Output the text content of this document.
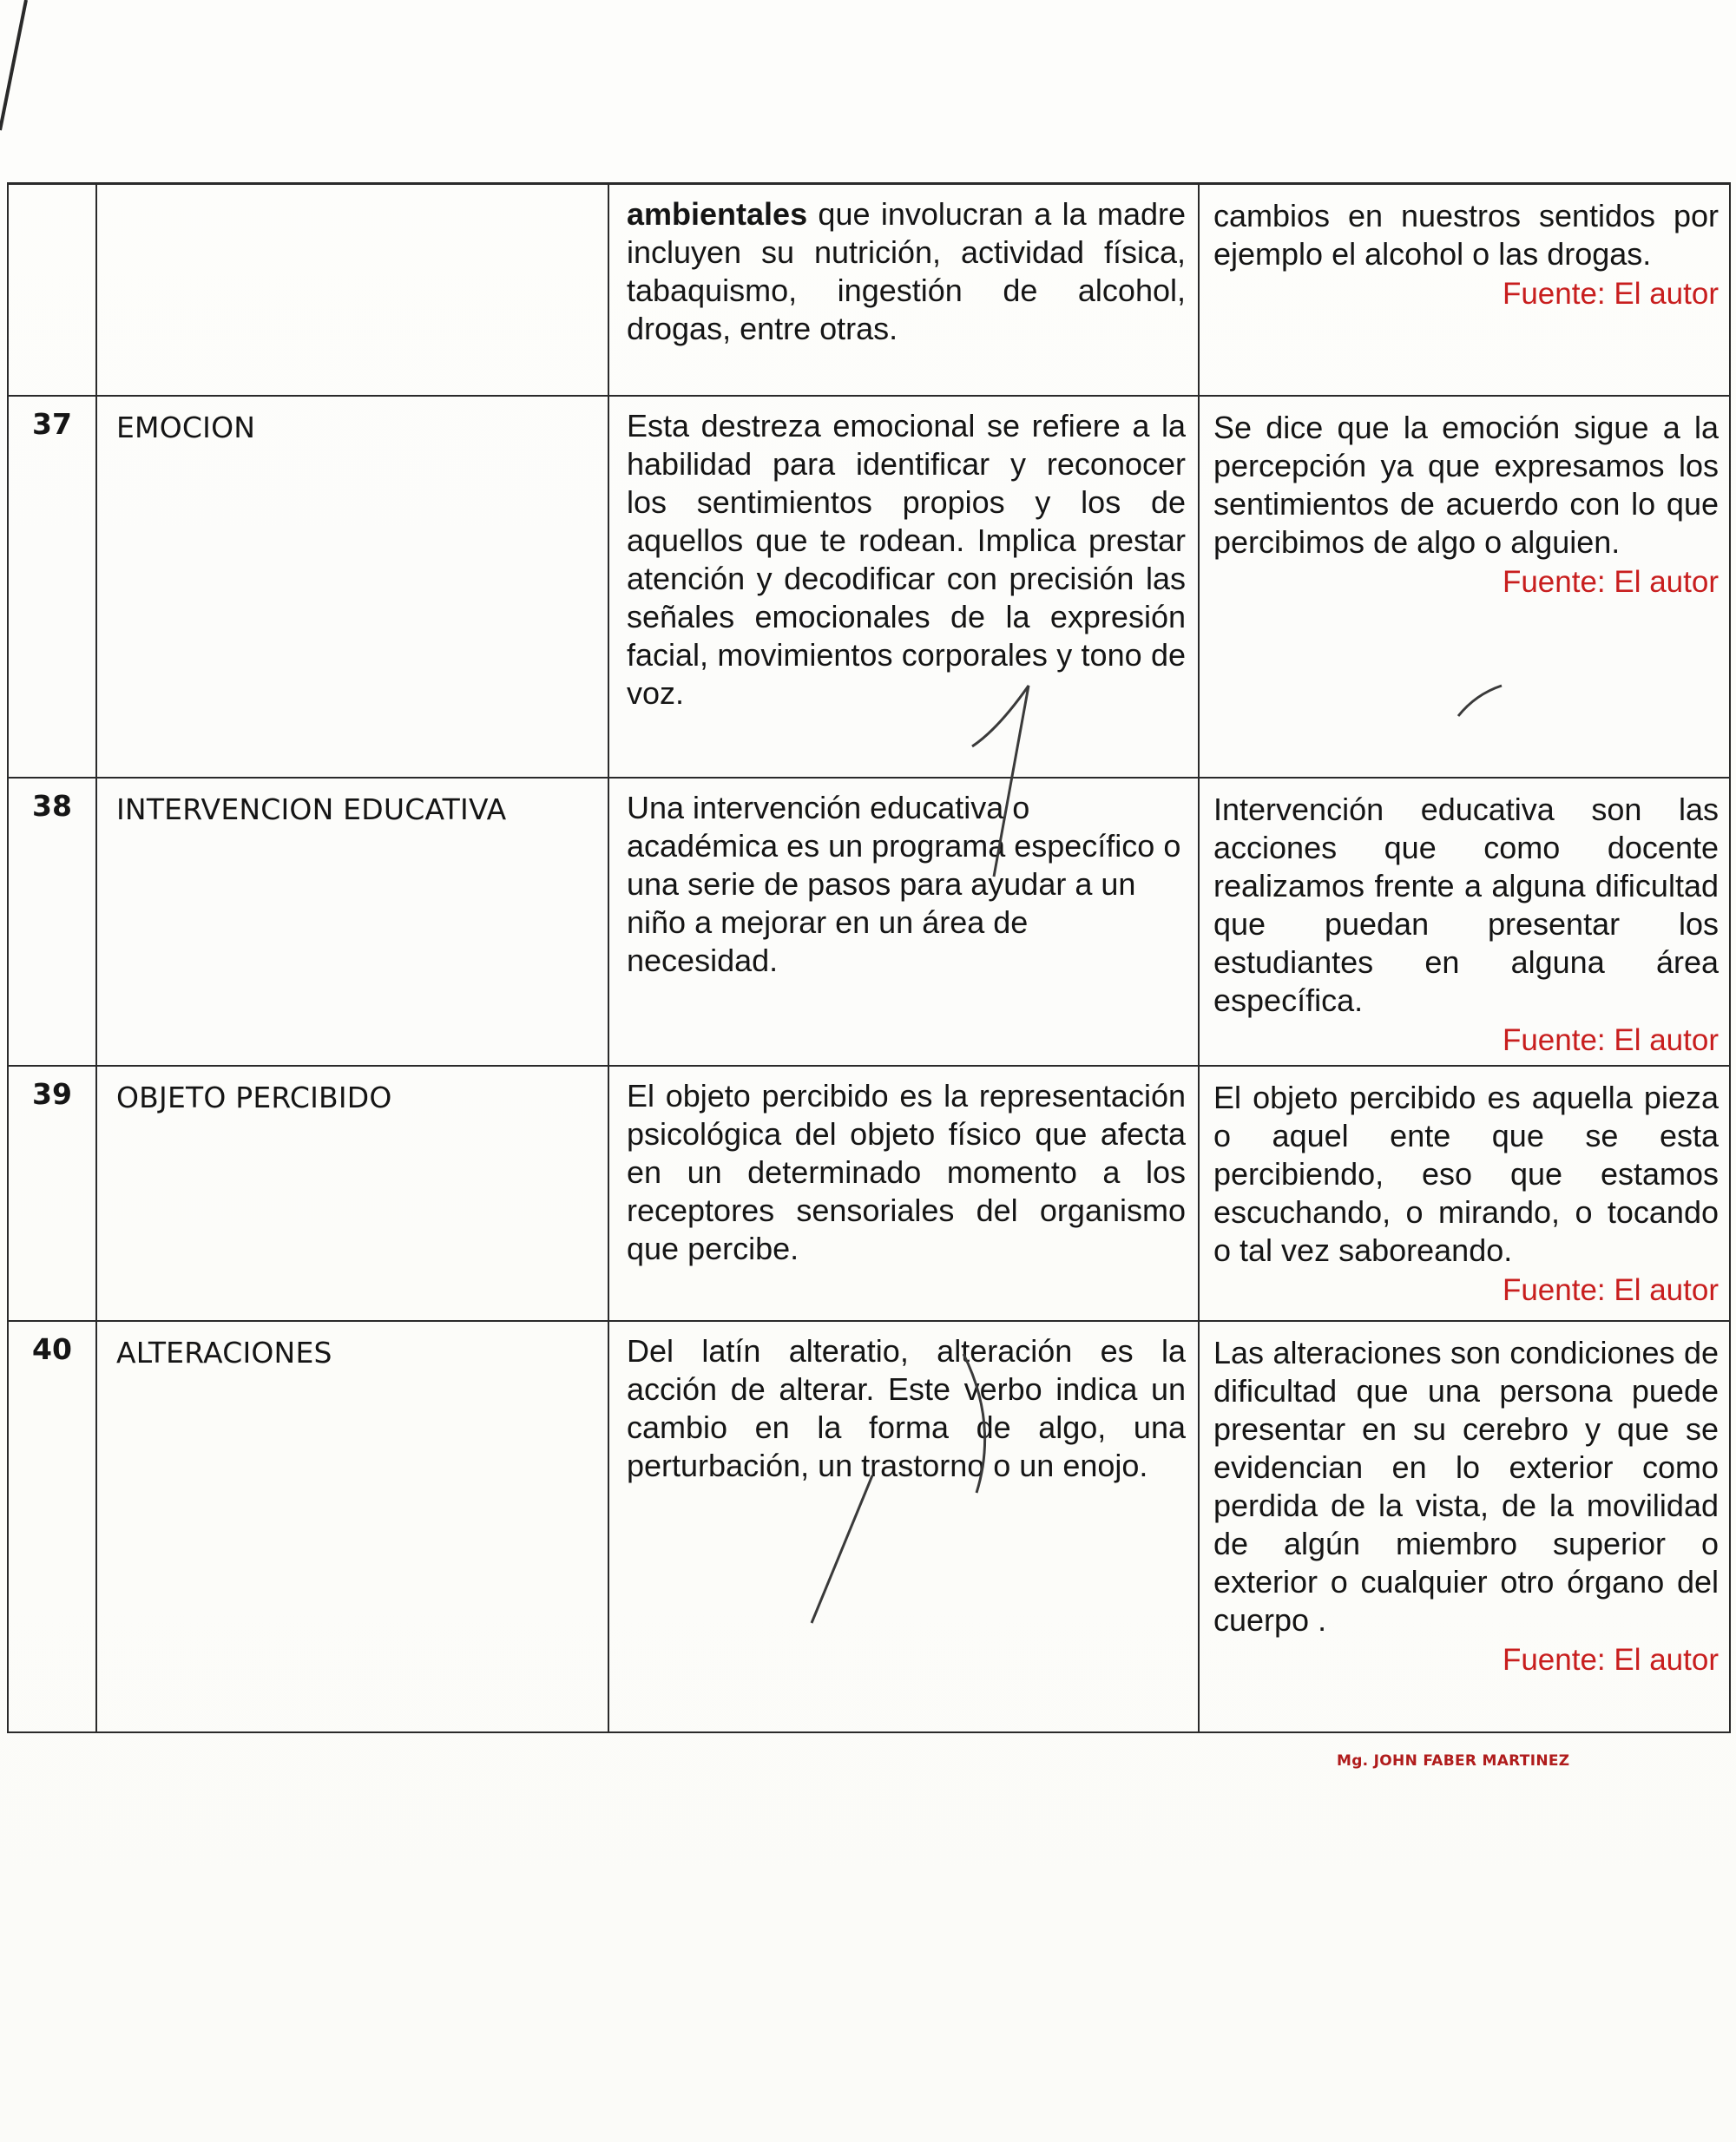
		ambientales que involucran a la madre incluyen su nutrición, actividad física, tabaquismo, ingestión de alcohol, drogas, entre otras.	cambios en nuestros sentidos por ejemplo el alcohol o las drogas.
Fuente: El autor

37	EMOCION	Esta destreza emocional se refiere a la habilidad para identificar y reconocer los sentimientos propios y los de aquellos que te rodean. Implica prestar atención y decodificar con precisión las señales emocionales de la expresión facial, movimientos corporales y tono de voz.	Se dice que la emoción sigue a la percepción ya que expresamos los sentimientos de acuerdo con lo que percibimos de algo o alguien.
Fuente: El autor

38	INTERVENCION EDUCATIVA	Una intervención educativa o académica es un programa específico o una serie de pasos para ayudar a un niño a mejorar en un área de necesidad.	Intervención educativa son las acciones que como docente realizamos frente a alguna dificultad que puedan presentar los estudiantes en alguna área específica.
Fuente: El autor

39	OBJETO PERCIBIDO	El objeto percibido es la representación psicológica del objeto físico que afecta en un determinado momento a los receptores sensoriales del organismo que percibe.	El objeto percibido es aquella pieza o aquel ente que se esta percibiendo, eso que estamos escuchando, o mirando, o tocando o tal vez saboreando.
Fuente: El autor

40	ALTERACIONES	Del latín alteratio, alteración es la acción de alterar. Este verbo indica un cambio en la forma de algo, una perturbación, un trastorno o un enojo.	Las alteraciones son condiciones de dificultad que una persona puede presentar en su cerebro y que se evidencian en lo exterior como perdida de la vista, de la movilidad de algún miembro superior o exterior o cualquier otro órgano del cuerpo .
Fuente: El autor
Mg. JOHN FABER MARTINEZ
